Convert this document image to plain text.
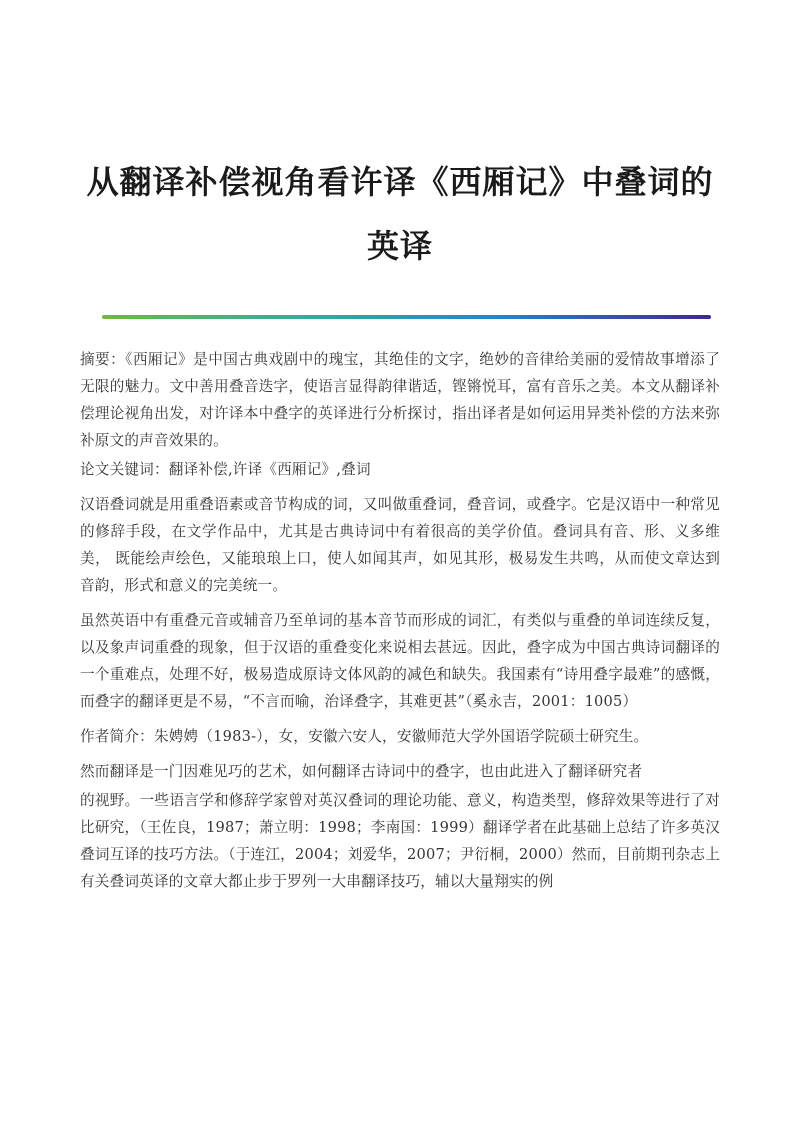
从翻译补偿视角看许译《西厢记》中叠词的
英译

摘要：《西厢记》是中国古典戏剧中的瑰宝，其绝佳的文字，绝妙的音律给美丽的爱情故事增添了无限的魅力。文中善用叠音迭字，使语言显得韵律谐适，铿锵悦耳，富有音乐之美。本文从翻译补偿理论视角出发，对许译本中叠字的英译进行分析探讨，指出译者是如何运用异类补偿的方法来弥补原文的声音效果的。

论文关键词：翻译补偿,许译《西厢记》,叠词

汉语叠词就是用重叠语素或音节构成的词，又叫做重叠词，叠音词，或叠字。它是汉语中一种常见的修辞手段，在文学作品中，尤其是古典诗词中有着很高的美学价值。叠词具有音、形、义多维美， 既能绘声绘色，又能琅琅上口，使人如闻其声，如见其形，极易发生共鸣，从而使文章达到音韵，形式和意义的完美统一。

虽然英语中有重叠元音或辅音乃至单词的基本音节而形成的词汇，有类似与重叠的单词连续反复，以及象声词重叠的现象，但于汉语的重叠变化来说相去甚远。因此，叠字成为中国古典诗词翻译的一个重难点，处理不好，极易造成原诗文体风韵的减色和缺失。我国素有“诗用叠字最难”的感慨，而叠字的翻译更是不易，“不言而喻，治译叠字，其难更甚”（奚永吉，2001：1005）

作者简介：朱娉娉（1983-），女，安徽六安人，安徽师范大学外国语学院硕士研究生。

然而翻译是一门因难见巧的艺术，如何翻译古诗词中的叠字，也由此进入了翻译研究者

的视野。一些语言学和修辞学家曾对英汉叠词的理论功能、意义，构造类型，修辞效果等进行了对比研究，（王佐良，1987；萧立明：1998；李南国：1999）翻译学者在此基础上总结了许多英汉叠词互译的技巧方法。（于连江，2004；刘爱华，2007；尹衍桐，2000）然而，目前期刊杂志上有关叠词英译的文章大都止步于罗列一大串翻译技巧，辅以大量翔实的例
